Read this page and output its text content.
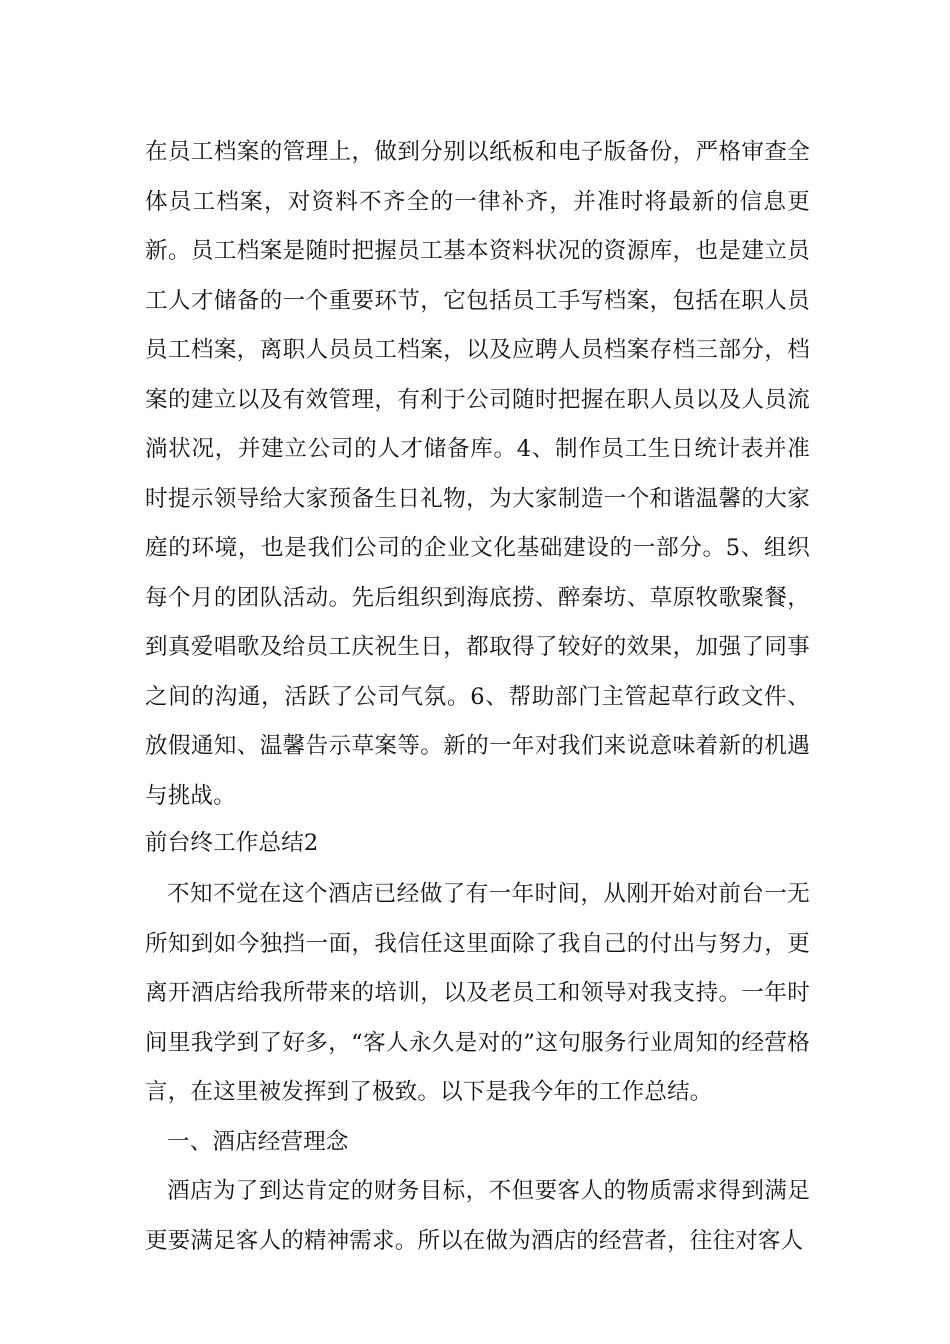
在员工档案的管理上，做到分别以纸板和电子版备份，严格审查全体员工档案，对资料不齐全的一律补齐，并准时将最新的信息更新。员工档案是随时把握员工基本资料状况的资源库，也是建立员工人才储备的一个重要环节，它包括员工手写档案，包括在职人员员工档案，离职人员员工档案，以及应聘人员档案存档三部分，档案的建立以及有效管理，有利于公司随时把握在职人员以及人员流淌状况，并建立公司的人才储备库。4、制作员工生日统计表并准时提示领导给大家预备生日礼物，为大家制造一个和谐温馨的大家庭的环境，也是我们公司的企业文化基础建设的一部分。5、组织每个月的团队活动。先后组织到海底捞、醉秦坊、草原牧歌聚餐，到真爱唱歌及给员工庆祝生日，都取得了较好的效果，加强了同事之间的沟通，活跃了公司气氛。6、帮助部门主管起草行政文件、放假通知、温馨告示草案等。新的一年对我们来说意味着新的机遇与挑战。

前台终工作总结2

不知不觉在这个酒店已经做了有一年时间，从刚开始对前台一无所知到如今独挡一面，我信任这里面除了我自己的付出与努力，更离开酒店给我所带来的培训，以及老员工和领导对我支持。一年时间里我学到了好多，“客人永久是对的”这句服务行业周知的经营格言，在这里被发挥到了极致。以下是我今年的工作总结。

一、酒店经营理念

酒店为了到达肯定的财务目标，不但要客人的物质需求得到满足更要满足客人的精神需求。所以在做为酒店的经营者，往往对客人
